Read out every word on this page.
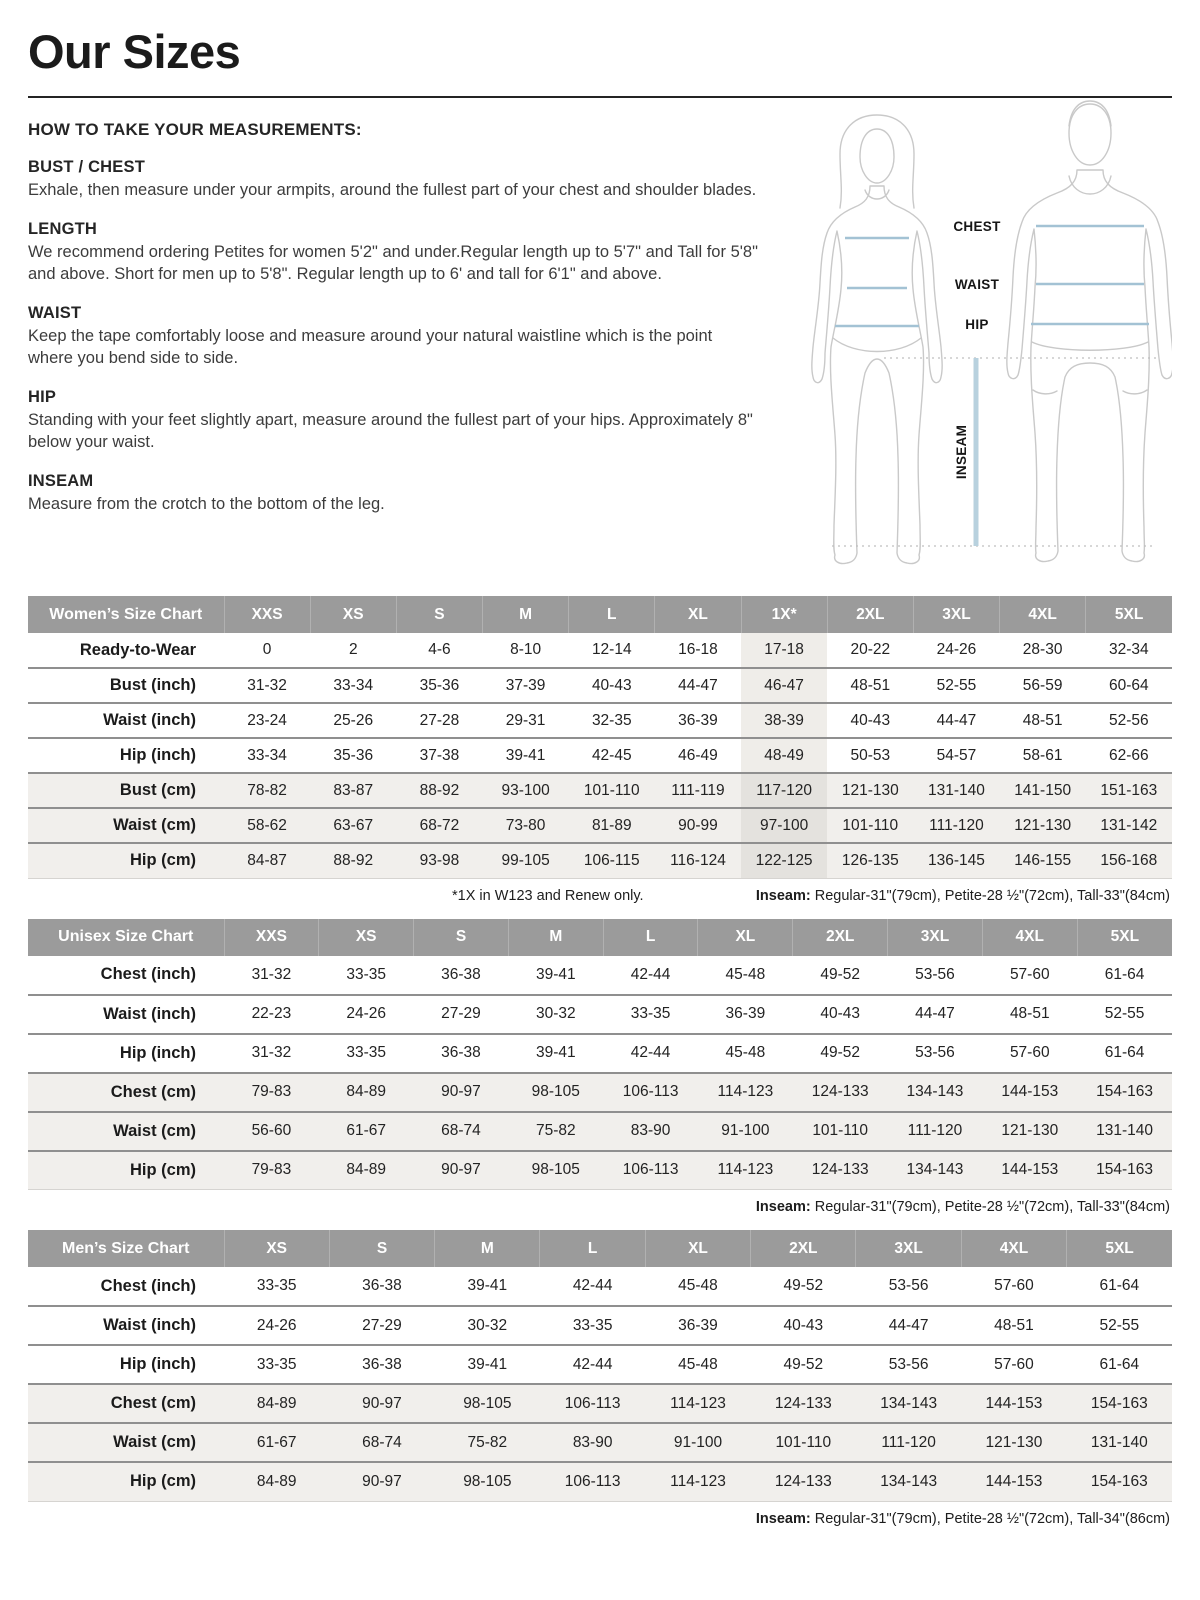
Our Sizes
HOW TO TAKE YOUR MEASUREMENTS:
BUST / CHEST

Exhale, then measure under your armpits, around the fullest part of your chest and shoulder blades.

LENGTH

We recommend ordering Petites for women 5'2" and under.Regular length up to 5'7" and Tall for 5'8" and above. Short for men up to 5'8". Regular length up to 6' and tall for 6'1" and above.

WAIST

Keep the tape comfortably loose and measure around your natural waistline which is the point where you bend side to side.

HIP

Standing with your feet slightly apart, measure around the fullest part of your hips. Approximately 8" below your waist.

INSEAM

Measure from the crotch to the bottom of the leg.

CHEST
WAIST
HIP
INSEAM
Women’s Size Chart	XXS	XS	S	M	L	XL	1X*	2XL	3XL	4XL	5XL
Ready-to-Wear	0	2	4-6	8-10	12-14	16-18	17-18	20-22	24-26	28-30	32-34
Bust (inch)	31-32	33-34	35-36	37-39	40-43	44-47	46-47	48-51	52-55	56-59	60-64
Waist (inch)	23-24	25-26	27-28	29-31	32-35	36-39	38-39	40-43	44-47	48-51	52-56
Hip (inch)	33-34	35-36	37-38	39-41	42-45	46-49	48-49	50-53	54-57	58-61	62-66
Bust (cm)	78-82	83-87	88-92	93-100	101-110	111-119	117-120	121-130	131-140	141-150	151-163
Waist (cm)	58-62	63-67	68-72	73-80	81-89	90-99	97-100	101-110	111-120	121-130	131-142
Hip (cm)	84-87	88-92	93-98	99-105	106-115	116-124	122-125	126-135	136-145	146-155	156-168
*1X in W123 and Renew only.	Inseam: Regular-31"(79cm), Petite-28 ½"(72cm), Tall-33"(84cm)
Unisex Size Chart	XXS	XS	S	M	L	XL	2XL	3XL	4XL	5XL
Chest (inch)	31-32	33-35	36-38	39-41	42-44	45-48	49-52	53-56	57-60	61-64
Waist (inch)	22-23	24-26	27-29	30-32	33-35	36-39	40-43	44-47	48-51	52-55
Hip (inch)	31-32	33-35	36-38	39-41	42-44	45-48	49-52	53-56	57-60	61-64
Chest (cm)	79-83	84-89	90-97	98-105	106-113	114-123	124-133	134-143	144-153	154-163
Waist (cm)	56-60	61-67	68-74	75-82	83-90	91-100	101-110	111-120	121-130	131-140
Hip (cm)	79-83	84-89	90-97	98-105	106-113	114-123	124-133	134-143	144-153	154-163
Inseam: Regular-31"(79cm), Petite-28 ½"(72cm), Tall-33"(84cm)
Men’s Size Chart	XS	S	M	L	XL	2XL	3XL	4XL	5XL
Chest (inch)	33-35	36-38	39-41	42-44	45-48	49-52	53-56	57-60	61-64
Waist (inch)	24-26	27-29	30-32	33-35	36-39	40-43	44-47	48-51	52-55
Hip (inch)	33-35	36-38	39-41	42-44	45-48	49-52	53-56	57-60	61-64
Chest (cm)	84-89	90-97	98-105	106-113	114-123	124-133	134-143	144-153	154-163
Waist (cm)	61-67	68-74	75-82	83-90	91-100	101-110	111-120	121-130	131-140
Hip (cm)	84-89	90-97	98-105	106-113	114-123	124-133	134-143	144-153	154-163
Inseam: Regular-31"(79cm), Petite-28 ½"(72cm), Tall-34"(86cm)
